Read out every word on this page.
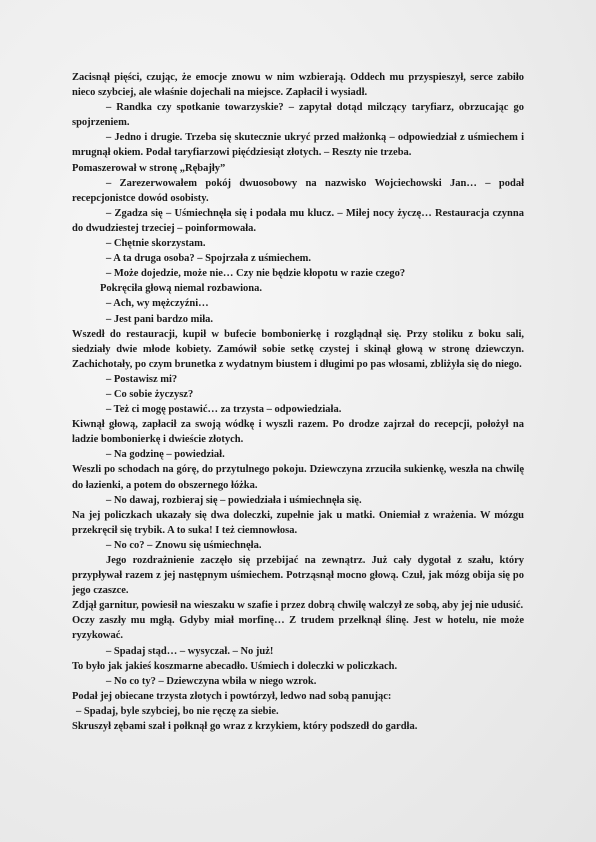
Zacisnął pięści, czując, że emocje znowu w nim wzbierają. Oddech mu przyspieszył, serce zabiło nieco szybciej, ale właśnie dojechali na miejsce. Zapłacił i wysiadł.

– Randka czy spotkanie towarzyskie? – zapytał dotąd milczący taryfiarz, obrzucając go spojrzeniem.

– Jedno i drugie. Trzeba się skutecznie ukryć przed małżonką – odpowiedział z uśmiechem i mrugnął okiem. Podał taryfiarzowi pięćdziesiąt złotych. – Reszty nie trzeba.

Pomaszerował w stronę „Rębajły”

– Zarezerwowałem pokój dwuosobowy na nazwisko Wojciechowski Jan… – podał recepcjonistce dowód osobisty.

– Zgadza się – Uśmiechnęła się i podała mu klucz. – Miłej nocy życzę… Restauracja czynna do dwudziestej trzeciej – poinformowała.

– Chętnie skorzystam.

– A ta druga osoba? – Spojrzała z uśmiechem.

– Może dojedzie, może nie… Czy nie będzie kłopotu w razie czego?

Pokręciła głową niemal rozbawiona.

– Ach, wy mężczyźni…

– Jest pani bardzo miła.

Wszedł do restauracji, kupił w bufecie bombonierkę i rozglądnął się. Przy stoliku z boku sali, siedziały dwie młode kobiety. Zamówił sobie setkę czystej i skinął głową w stronę dziewczyn. Zachichotały, po czym brunetka z wydatnym biustem i długimi po pas włosami, zbliżyła się do niego.

– Postawisz mi?

– Co sobie życzysz?

– Też ci mogę postawić… za trzysta – odpowiedziała.

Kiwnął głową, zapłacił za swoją wódkę i wyszli razem. Po drodze zajrzał do recepcji, położył na ladzie bombonierkę i dwieście złotych.

– Na godzinę – powiedział.

Weszli po schodach na górę, do przytulnego pokoju. Dziewczyna zrzuciła sukienkę, weszła na chwilę do łazienki, a potem do obszernego łóżka.

– No dawaj, rozbieraj się – powiedziała i uśmiechnęła się.

Na jej policzkach ukazały się dwa doleczki, zupełnie jak u matki. Oniemiał z wrażenia. W mózgu przekręcił się trybik. A to suka! I też ciemnowłosa.

– No co? – Znowu się uśmiechnęła.

Jego rozdrażnienie zaczęło się przebijać na zewnątrz. Już cały dygotał z szału, który przypływał razem z jej następnym uśmiechem. Potrząsnął mocno głową. Czuł, jak mózg obija się po jego czaszce.

Zdjął garnitur, powiesił na wieszaku w szafie i przez dobrą chwilę walczył ze sobą, aby jej nie udusić.

Oczy zaszły mu mgłą. Gdyby miał morfinę… Z trudem przełknął ślinę. Jest w hotelu, nie może ryzykować.

– Spadaj stąd… – wysyczał. – No już!

To było jak jakieś koszmarne abecadło. Uśmiech i doleczki w policzkach.

– No co ty? – Dziewczyna wbiła w niego wzrok.

Podał jej obiecane trzysta złotych i powtórzył, ledwo nad sobą panując:

– Spadaj, byle szybciej, bo nie ręczę za siebie.

Skruszył zębami szał i połknął go wraz z krzykiem, który podszedł do gardła.
